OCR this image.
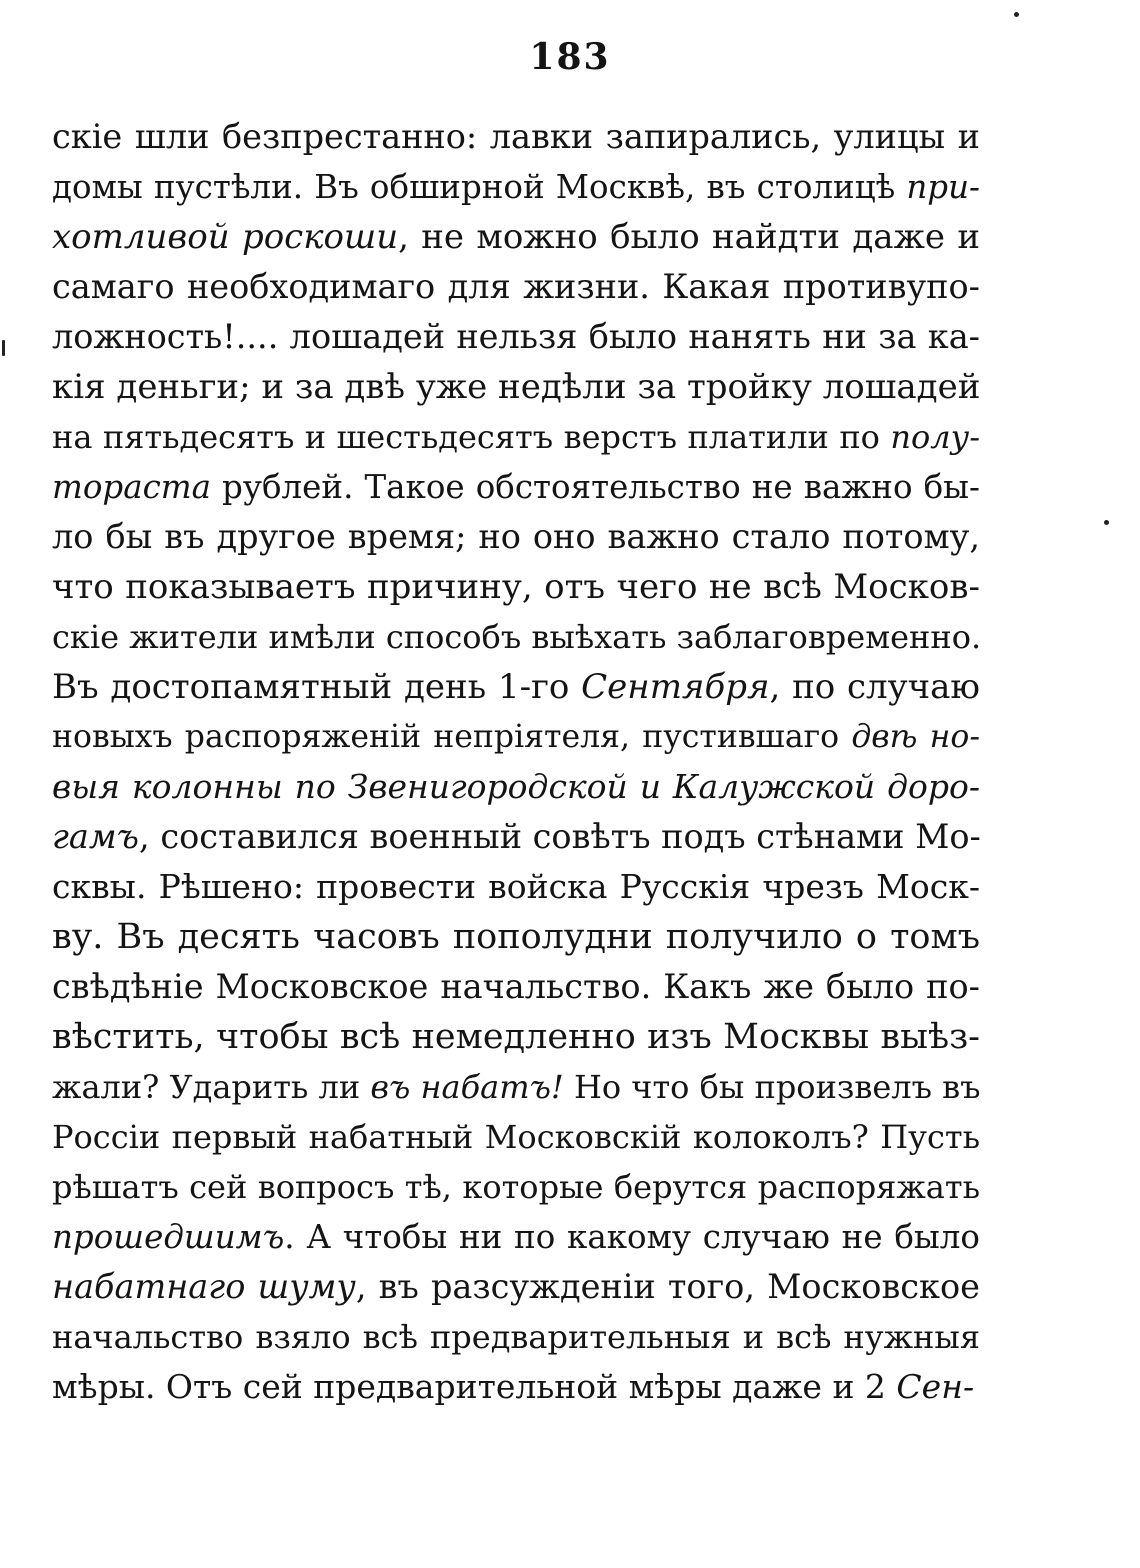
183
скіе шли безпрестанно: лавки запирались, улицы и
домы пустѣли. Въ обширной Москвѣ, въ столицѣ при-
хотливой роскоши, не можно было найдти даже и
самаго необходимаго для жизни. Какая противупо-
ложность!.... лошадей нельзя было нанять ни за ка-
кія деньги; и за двѣ уже недѣли за тройку лошадей
на пятьдесятъ и шестьдесятъ верстъ платили по полу-
тораста рублей. Такое обстоятельство не важно бы-
ло бы въ другое время; но оно важно стало потому,
что показываетъ причину, отъ чего не всѣ Москов-
скіе жители имѣли способъ выѣхать заблаговременно.
Въ достопамятный день 1-го Сентября, по случаю
новыхъ распоряженій непріятеля, пустившаго двѣ но-
выя колонны по Звенигородской и Калужской доро-
гамъ, составился военный совѣтъ подъ стѣнами Мо-
сквы. Рѣшено: провести войска Русскія чрезъ Моск-
ву. Въ десять часовъ пополудни получило о томъ
свѣдѣніе Московское начальство. Какъ же было по-
вѣстить, чтобы всѣ немедленно изъ Москвы выѣз-
жали? Ударить ли въ набатъ! Но что бы произвелъ въ
Россіи первый набатный Московскій колоколъ? Пусть
рѣшатъ сей вопросъ тѣ, которые берутся распоряжать
прошедшимъ. А чтобы ни по какому случаю не было
набатнаго шуму, въ разсужденіи того, Московское
начальство взяло всѣ предварительныя и всѣ нужныя
мѣры. Отъ сей предварительной мѣры даже и 2 Сен-
